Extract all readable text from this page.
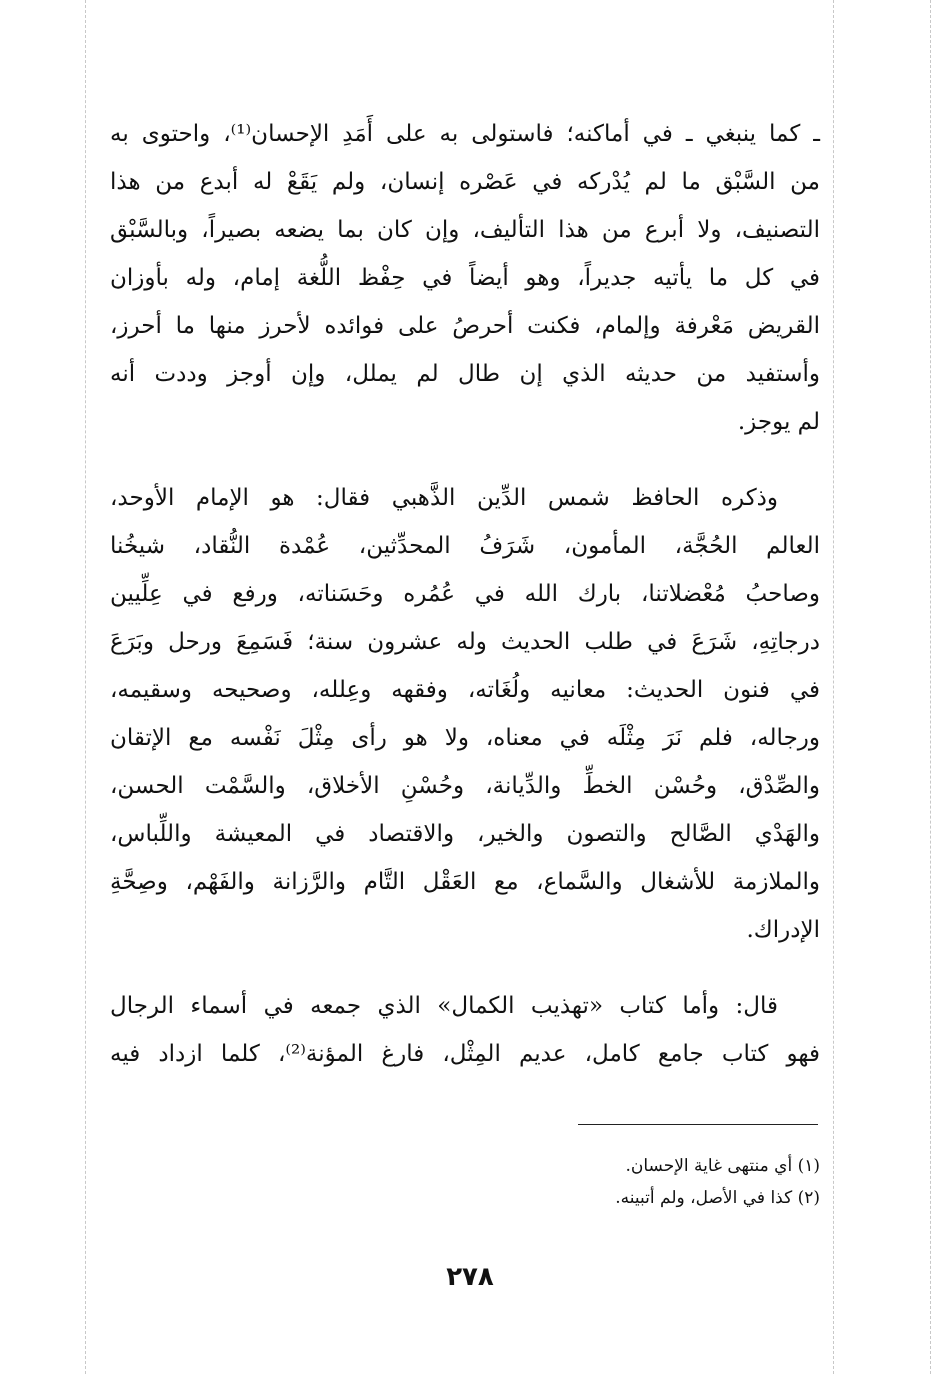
ـ كما ينبغي ـ في أماكنه؛ فاستولى به على أَمَدِ الإحسان⁽¹⁾، واحتوى به
من السَّبْق ما لم يُدْركه في عَصْره إنسان، ولم يَقَعْ له أبدع من هذا
التصنيف، ولا أبرع من هذا التأليف، وإن كان بما يضعه بصيراً، وبالسَّبْق
في كل ما يأتيه جديراً، وهو أيضاً في حِفْظ اللُّغة إمام، وله بأوزان
القريض مَعْرفة وإلمام، فكنت أحرصُ على فوائده لأحرز منها ما أحرز،
وأستفيد من حديثه الذي إن طال لم يملل، وإن أوجز وددت أنه
لم يوجز.

وذكره الحافظ شمس الدِّين الذَّهبي فقال: هو الإمام الأوحد،
العالم الحُجَّة، المأمون، شَرَفُ المحدِّثين، عُمْدة النُّقاد، شيخُنا
وصاحبُ مُعْضلاتنا، بارك الله في عُمُره وحَسَناته، ورفع في عِلِّيين
درجاتِهِ، شَرَعَ في طلب الحديث وله عشرون سنة؛ فَسَمِعَ ورحل وبَرَعَ
في فنون الحديث: معانيه ولُغَاته، وفقهه وعِلله، وصحيحه وسقيمه،
ورجاله، فلم نَرَ مِثْلَه في معناه، ولا هو رأى مِثْلَ نَفْسه مع الإتقان
والصِّدْق، وحُسْن الخطِّ والدِّيانة، وحُسْنِ الأخلاق، والسَّمْت الحسن،
والهَدْي الصَّالح والتصون والخير، والاقتصاد في المعيشة واللِّباس،
والملازمة للأشغال والسَّماع، مع العَقْل التَّام والرَّزانة والفَهْم، وصِحَّةِ
الإدراك.

قال: وأما كتاب «تهذيب الكمال» الذي جمعه في أسماء الرجال
فهو كتاب جامع كامل، عديم المِثْل، فارغ المؤنة⁽²⁾، كلما ازداد فيه

(١) أي منتهى غاية الإحسان.
(٢) كذا في الأصل، ولم أتبينه.
٢٧٨
